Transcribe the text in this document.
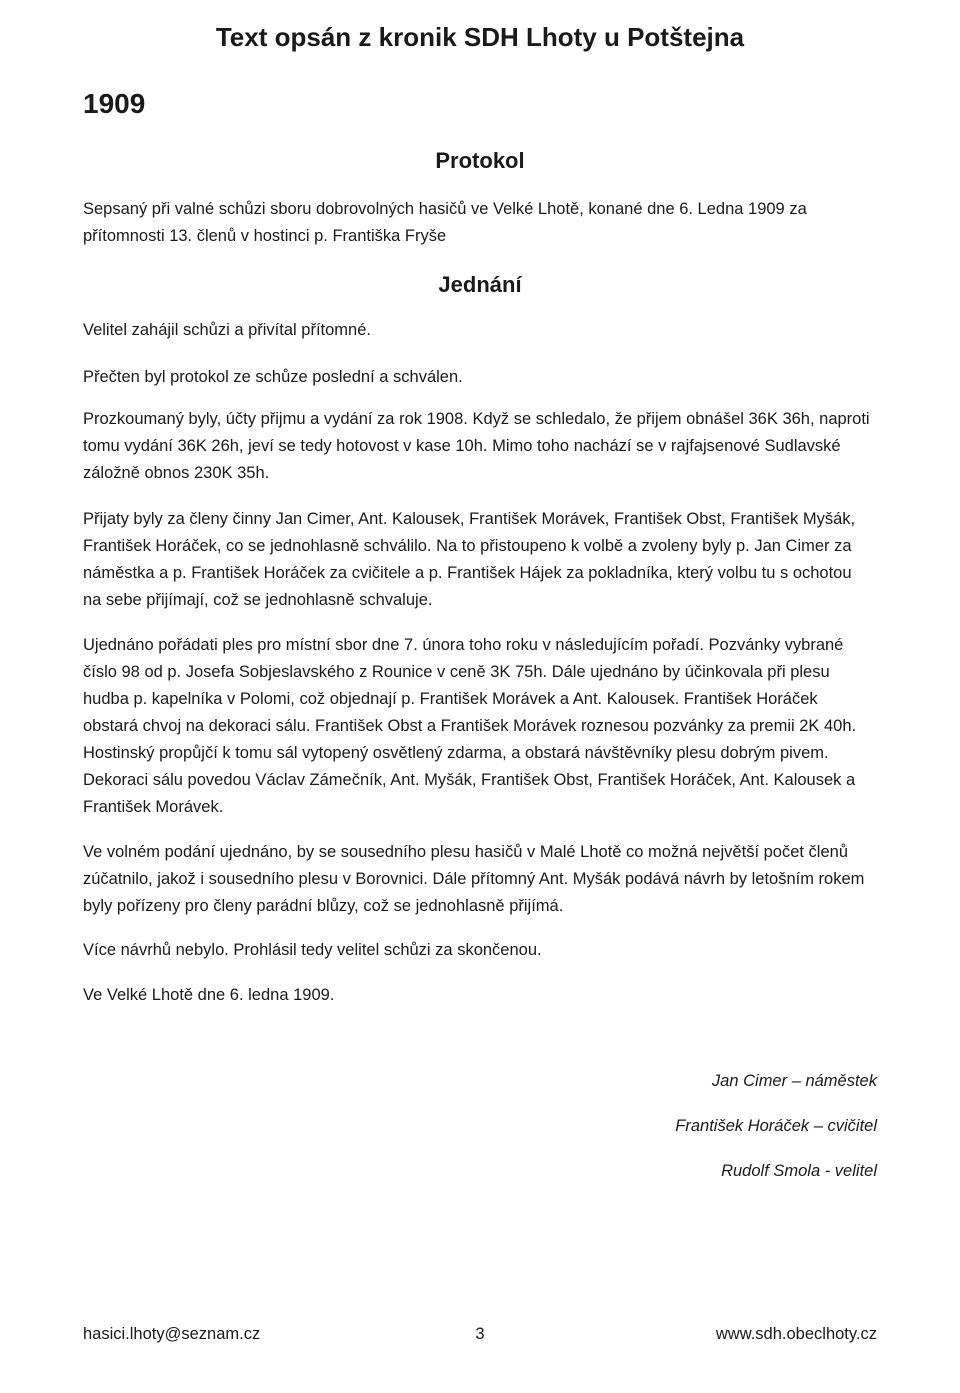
Text opsán z kronik SDH Lhoty u Potštejna
1909
Protokol

Sepsaný při valné schůzi sboru dobrovolných hasičů ve Velké Lhotě, konané dne 6. Ledna 1909 za přítomnosti 13. členů v hostinci p. Františka Fryše

Jednání

Velitel zahájil schůzi a přivítal přítomné.

Přečten byl protokol ze schůze poslední a schválen.

Prozkoumaný byly, účty přijmu a vydání za rok 1908. Když se schledalo, že přijem obnášel 36K 36h, naproti tomu vydání 36K 26h, jeví se tedy hotovost v kase 10h. Mimo toho nachází se v rajfajsenové Sudlavské záložně obnos 230K 35h.

Přijaty byly za členy činny Jan Cimer, Ant. Kalousek, František Morávek, František Obst, František Myšák, František Horáček, co se jednohlasně schválilo. Na to přistoupeno k volbě a zvoleny byly p. Jan Cimer za náměstka a p. František Horáček za cvičitele a p. František Hájek za pokladníka, který volbu tu s ochotou na sebe přijímají, což se jednohlasně schvaluje.

Ujednáno pořádati ples pro místní sbor dne 7. února toho roku v následujícím pořadí. Pozvánky vybrané číslo 98 od p. Josefa Sobjeslavského z Rounice v ceně 3K 75h. Dále ujednáno by účinkovala při plesu hudba p. kapelníka v Polomi, což objednají p. František Morávek a Ant. Kalousek. František Horáček obstará chvoj na dekoraci sálu. František Obst a František Morávek roznesou pozvánky za premii 2K 40h. Hostinský propůjčí k tomu sál vytopený osvětlený zdarma, a obstará návštěvníky plesu dobrým pivem. Dekoraci sálu povedou Václav Zámečník, Ant. Myšák, František Obst, František Horáček, Ant. Kalousek a František Morávek.

Ve volném podání ujednáno, by se sousedního plesu hasičů v Malé Lhotě co možná největší počet členů zúčatnilo, jakož i sousedního plesu v Borovnici. Dále přítomný Ant. Myšák podává návrh by letošním rokem byly pořízeny pro členy parádní blůzy, což se jednohlasně přijímá.

Více návrhů nebylo. Prohlásil tedy velitel schůzi za skončenou.

Ve Velké Lhotě dne 6. ledna 1909.

Jan Cimer – náměstek
František Horáček – cvičitel
Rudolf Smola - velitel
hasici.lhoty@seznam.cz	3	www.sdh.obeclhoty.cz
